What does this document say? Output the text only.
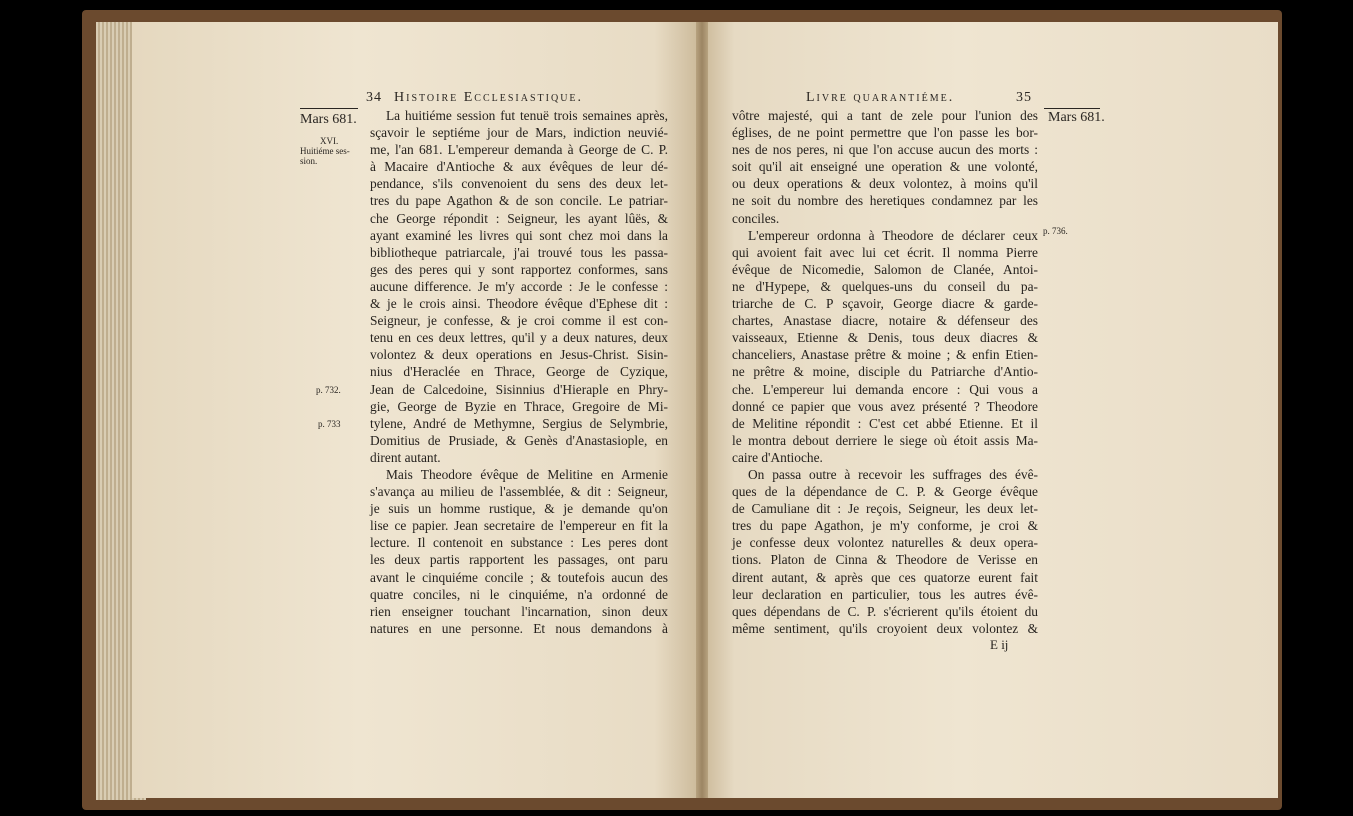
34 Histoire Ecclesiastique.
Mars 681.
XVI.
Huitiéme ses- sion.
p. 732.
p. 733
La huitiéme session fut tenuë trois semaines après,
sçavoir le septiéme jour de Mars, indiction neuvié-
me, l'an 681. L'empereur demanda à George de C. P.
à Macaire d'Antioche & aux évêques de leur dé-
pendance, s'ils convenoient du sens des deux let-
tres du pape Agathon & de son concile. Le patriar-
che George répondit : Seigneur, les ayant lûës, &
ayant examiné les livres qui sont chez moi dans la
bibliotheque patriarcale, j'ai trouvé tous les passa-
ges des peres qui y sont rapportez conformes, sans
aucune difference. Je m'y accorde : Je le confesse :
& je le crois ainsi. Theodore évêque d'Ephese dit :
Seigneur, je confesse, & je croi comme il est con-
tenu en ces deux lettres, qu'il y a deux natures, deux
volontez & deux operations en Jesus-Christ. Sisin-
nius d'Heraclée en Thrace, George de Cyzique,
Jean de Calcedoine, Sisinnius d'Hieraple en Phry-
gie, George de Byzie en Thrace, Gregoire de Mi-
tylene, André de Methymne, Sergius de Selymbrie,
Domitius de Prusiade, & Genès d'Anastasiople, en
dirent autant.
Mais Theodore évêque de Melitine en Armenie
s'avança au milieu de l'assemblée, & dit : Seigneur,
je suis un homme rustique, & je demande qu'on
lise ce papier. Jean secretaire de l'empereur en fit la
lecture. Il contenoit en substance : Les peres dont
les deux partis rapportent les passages, ont paru
avant le cinquiéme concile ; & toutefois aucun des
quatre conciles, ni le cinquiéme, n'a ordonné de
rien enseigner touchant l'incarnation, sinon deux
natures en une personne. Et nous demandons à
Livre quarantiéme.	35
Mars 681.
p. 736.
vôtre majesté, qui a tant de zele pour l'union des
églises, de ne point permettre que l'on passe les bor-
nes de nos peres, ni que l'on accuse aucun des morts :
soit qu'il ait enseigné une operation & une volonté,
ou deux operations & deux volontez, à moins qu'il
ne soit du nombre des heretiques condamnez par les
conciles.
L'empereur ordonna à Theodore de déclarer ceux
qui avoient fait avec lui cet écrit. Il nomma Pierre
évêque de Nicomedie, Salomon de Clanée, Antoi-
ne d'Hypepe, & quelques-uns du conseil du pa-
triarche de C. P sçavoir, George diacre & garde-
chartes, Anastase diacre, notaire & défenseur des
vaisseaux, Etienne & Denis, tous deux diacres &
chanceliers, Anastase prêtre & moine ; & enfin Etien-
ne prêtre & moine, disciple du Patriarche d'Antio-
che. L'empereur lui demanda encore : Qui vous a
donné ce papier que vous avez présenté ? Theodore
de Melitine répondit : C'est cet abbé Etienne. Et il
le montra debout derriere le siege où étoit assis Ma-
caire d'Antioche.
On passa outre à recevoir les suffrages des évê-
ques de la dépendance de C. P. & George évêque
de Camuliane dit : Je reçois, Seigneur, les deux let-
tres du pape Agathon, je m'y conforme, je croi &
je confesse deux volontez naturelles & deux opera-
tions. Platon de Cinna & Theodore de Verisse en
dirent autant, & après que ces quatorze eurent fait
leur declaration en particulier, tous les autres évê-
ques dépendans de C. P. s'écrierent qu'ils étoient du
même sentiment, qu'ils croyoient deux volontez &
E ij
